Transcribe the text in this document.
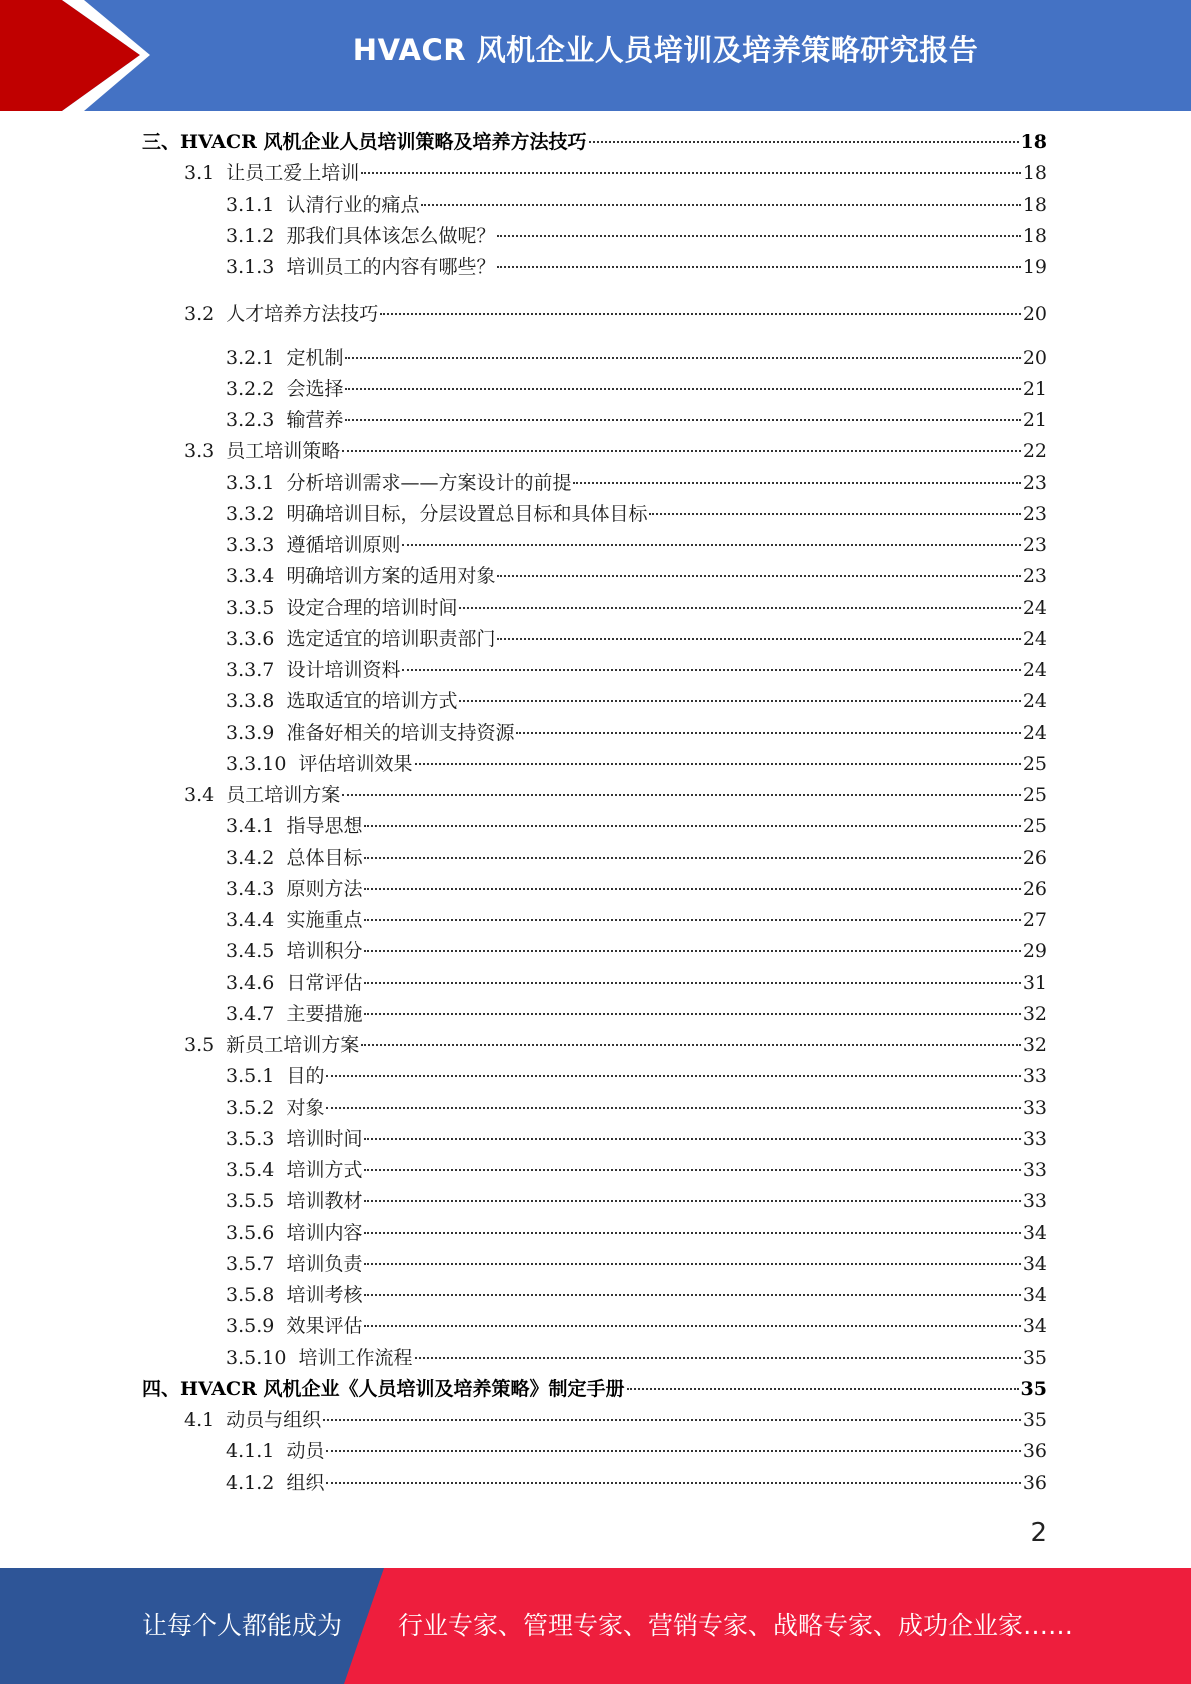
HVACR 风机企业人员培训及培养策略研究报告
三、 HVACR 风机企业人员培训策略及培养方法技巧	18
3.1 让员工爱上培训	18
3.1.1 认清行业的痛点	18
3.1.2 那我们具体该怎么做呢？	18
3.1.3 培训员工的内容有哪些？	19
3.2 人才培养方法技巧	20
3.2.1 定机制	20
3.2.2 会选择	21
3.2.3 输营养	21
3.3 员工培训策略	22
3.3.1 分析培训需求——方案设计的前提	23
3.3.2 明确培训目标，分层设置总目标和具体目标	23
3.3.3 遵循培训原则	23
3.3.4 明确培训方案的适用对象	23
3.3.5 设定合理的培训时间	24
3.3.6 选定适宜的培训职责部门	24
3.3.7 设计培训资料	24
3.3.8 选取适宜的培训方式	24
3.3.9 准备好相关的培训支持资源	24
3.3.10 评估培训效果	25
3.4 员工培训方案	25
3.4.1 指导思想	25
3.4.2 总体目标	26
3.4.3 原则方法	26
3.4.4 实施重点	27
3.4.5 培训积分	29
3.4.6 日常评估	31
3.4.7 主要措施	32
3.5 新员工培训方案	32
3.5.1 目的	33
3.5.2 对象	33
3.5.3 培训时间	33
3.5.4 培训方式	33
3.5.5 培训教材	33
3.5.6 培训内容	34
3.5.7 培训负责	34
3.5.8 培训考核	34
3.5.9 效果评估	34
3.5.10 培训工作流程	35
四、 HVACR 风机企业《人员培训及培养策略》制定手册	35
4.1 动员与组织	35
4.1.1 动员	36
4.1.2 组织	36
2
让每个人都能成为 行业专家、管理专家、营销专家、战略专家、成功企业家……
